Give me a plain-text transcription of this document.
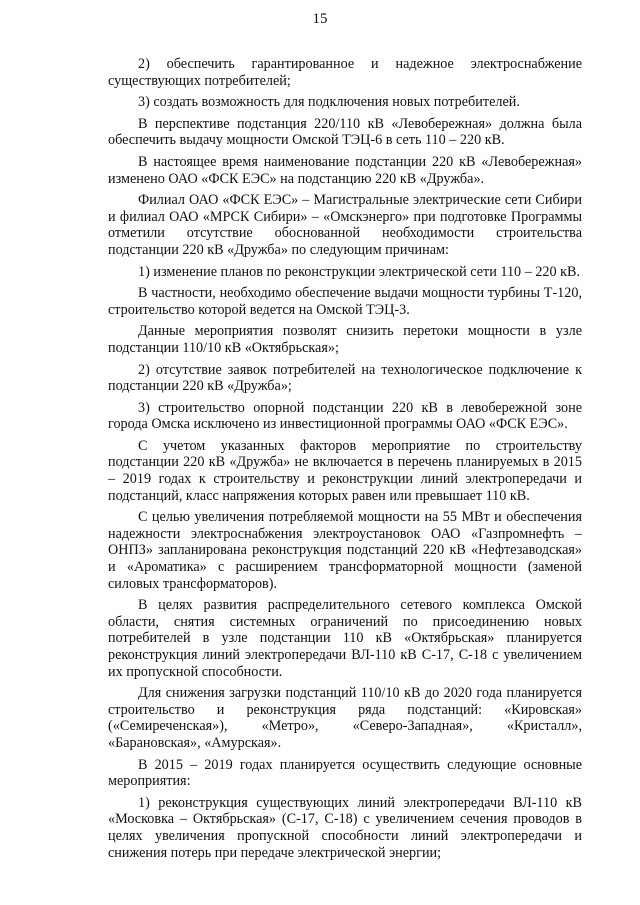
15

2) обеспечить гарантированное и надежное электроснабжение существующих потребителей;

3) создать возможность для подключения новых потребителей.

В перспективе подстанция 220/110 кВ «Левобережная» должна была обеспечить выдачу мощности Омской ТЭЦ-6 в сеть 110 – 220 кВ.

В настоящее время наименование подстанции 220 кВ «Левобережная» изменено ОАО «ФСК ЕЭС» на подстанцию 220 кВ «Дружба».

Филиал ОАО «ФСК ЕЭС» – Магистральные электрические сети Сибири и филиал ОАО «МРСК Сибири» – «Омскэнерго» при подготовке Программы отметили отсутствие обоснованной необходимости строительства подстанции 220 кВ «Дружба» по следующим причинам:

1) изменение планов по реконструкции электрической сети 110 – 220 кВ.

В частности, необходимо обеспечение выдачи мощности турбины Т-120, строительство которой ведется на Омской ТЭЦ-3.

Данные мероприятия позволят снизить перетоки мощности в узле подстанции 110/10 кВ «Октябрьская»;

2) отсутствие заявок потребителей на технологическое подключение к подстанции 220 кВ «Дружба»;

3) строительство опорной подстанции 220 кВ в левобережной зоне города Омска исключено из инвестиционной программы ОАО «ФСК ЕЭС».

С учетом указанных факторов мероприятие по строительству подстанции 220 кВ «Дружба» не включается в перечень планируемых в 2015 – 2019 годах к строительству и реконструкции линий электропередачи и подстанций, класс напряжения которых равен или превышает 110 кВ.

С целью увеличения потребляемой мощности на 55 МВт и обеспечения надежности электроснабжения электроустановок ОАО «Газпромнефть – ОНПЗ» запланирована реконструкция подстанций 220 кВ «Нефтезаводская» и «Ароматика» с расширением трансформаторной мощности (заменой силовых трансформаторов).

В целях развития распределительного сетевого комплекса Омской области, снятия системных ограничений по присоединению новых потребителей в узле подстанции 110 кВ «Октябрьская» планируется реконструкция линий электропередачи ВЛ-110 кВ С-17, С-18 с увеличением их пропускной способности.

Для снижения загрузки подстанций 110/10 кВ до 2020 года планируется строительство и реконструкция ряда подстанций: «Кировская» («Семиреченская»), «Метро», «Северо-Западная», «Кристалл», «Барановская», «Амурская».

В 2015 – 2019 годах планируется осуществить следующие основные мероприятия:

1) реконструкция существующих линий электропередачи ВЛ-110 кВ «Московка – Октябрьская» (С-17, С-18) с увеличением сечения проводов в целях увеличения пропускной способности линий электропередачи и снижения потерь при передаче электрической энергии;
